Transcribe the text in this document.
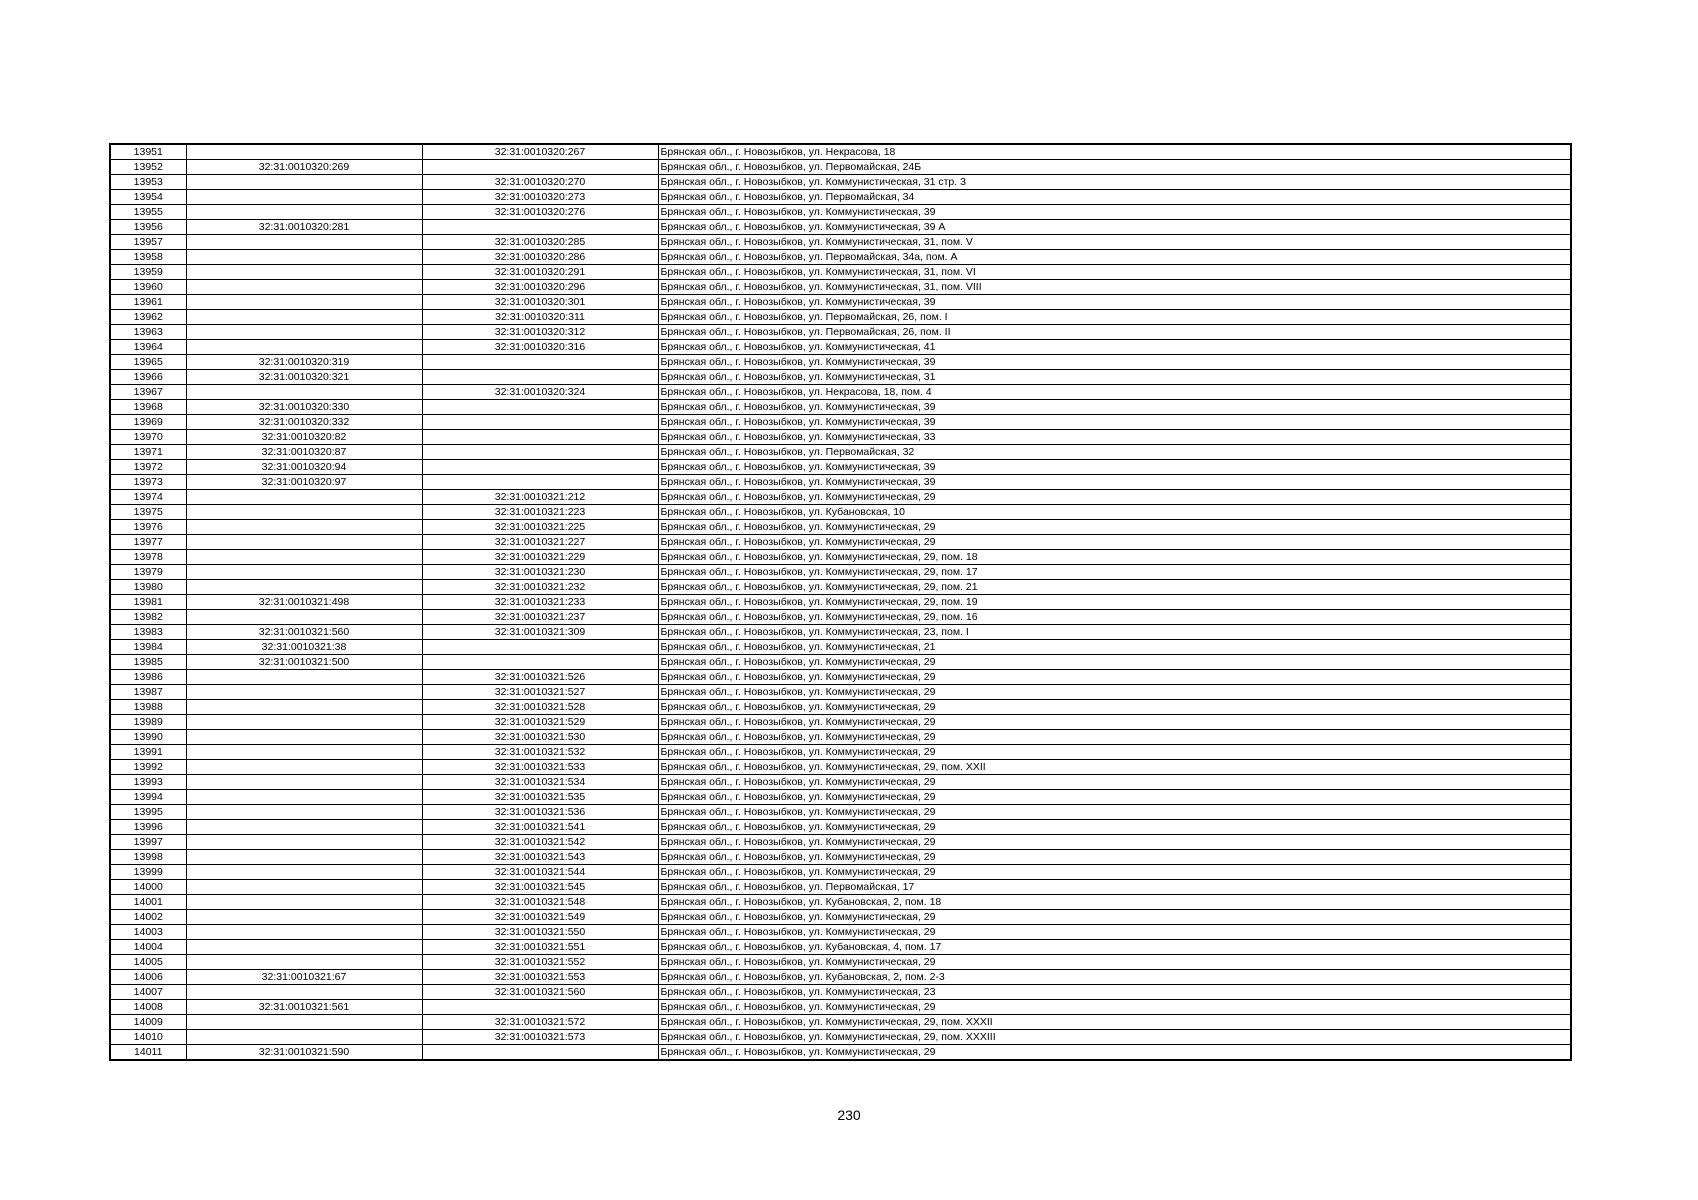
13951		32:31:0010320:267	Брянская обл., г. Новозыбков, ул. Некрасова, 18
13952	32:31:0010320:269		Брянская обл., г. Новозыбков, ул. Первомайская, 24Б
13953		32:31:0010320:270	Брянская обл., г. Новозыбков, ул. Коммунистическая, 31 стр. 3
13954		32:31:0010320:273	Брянская обл., г. Новозыбков, ул. Первомайская, 34
13955		32:31:0010320:276	Брянская обл., г. Новозыбков, ул. Коммунистическая, 39
13956	32:31:0010320:281		Брянская обл., г. Новозыбков, ул. Коммунистическая, 39 А
13957		32:31:0010320:285	Брянская обл., г. Новозыбков, ул. Коммунистическая, 31, пом. V
13958		32:31:0010320:286	Брянская обл., г. Новозыбков, ул. Первомайская, 34а, пом. А
13959		32:31:0010320:291	Брянская обл., г. Новозыбков, ул. Коммунистическая, 31, пом. VI
13960		32:31:0010320:296	Брянская обл., г. Новозыбков, ул. Коммунистическая, 31, пом. VIII
13961		32:31:0010320:301	Брянская обл., г. Новозыбков, ул. Коммунистическая, 39
13962		32:31:0010320:311	Брянская обл., г. Новозыбков, ул. Первомайская, 26, пом. I
13963		32:31:0010320:312	Брянская обл., г. Новозыбков, ул. Первомайская, 26, пом. II
13964		32:31:0010320:316	Брянская обл., г. Новозыбков, ул. Коммунистическая, 41
13965	32:31:0010320:319		Брянская обл., г. Новозыбков, ул. Коммунистическая, 39
13966	32:31:0010320:321		Брянская обл., г. Новозыбков, ул. Коммунистическая, 31
13967		32:31:0010320:324	Брянская обл., г. Новозыбков, ул. Некрасова, 18, пом. 4
13968	32:31:0010320:330		Брянская обл., г. Новозыбков, ул. Коммунистическая, 39
13969	32:31:0010320:332		Брянская обл., г. Новозыбков, ул. Коммунистическая, 39
13970	32:31:0010320:82		Брянская обл., г. Новозыбков, ул. Коммунистическая, 33
13971	32:31:0010320:87		Брянская обл., г. Новозыбков, ул. Первомайская, 32
13972	32:31:0010320:94		Брянская обл., г. Новозыбков, ул. Коммунистическая, 39
13973	32:31:0010320:97		Брянская обл., г. Новозыбков, ул. Коммунистическая, 39
13974		32:31:0010321:212	Брянская обл., г. Новозыбков, ул. Коммунистическая, 29
13975		32:31:0010321:223	Брянская обл., г. Новозыбков, ул. Кубановская, 10
13976		32:31:0010321:225	Брянская обл., г. Новозыбков, ул. Коммунистическая, 29
13977		32:31:0010321:227	Брянская обл., г. Новозыбков, ул. Коммунистическая, 29
13978		32:31:0010321:229	Брянская обл., г. Новозыбков, ул. Коммунистическая, 29, пом. 18
13979		32:31:0010321:230	Брянская обл., г. Новозыбков, ул. Коммунистическая, 29, пом. 17
13980		32:31:0010321:232	Брянская обл., г. Новозыбков, ул. Коммунистическая, 29, пом. 21
13981	32:31:0010321:498	32:31:0010321:233	Брянская обл., г. Новозыбков, ул. Коммунистическая, 29, пом. 19
13982		32:31:0010321:237	Брянская обл., г. Новозыбков, ул. Коммунистическая, 29, пом. 16
13983	32:31:0010321:560	32:31:0010321:309	Брянская обл., г. Новозыбков, ул. Коммунистическая, 23, пом. I
13984	32:31:0010321:38		Брянская обл., г. Новозыбков, ул. Коммунистическая, 21
13985	32:31:0010321:500		Брянская обл., г. Новозыбков, ул. Коммунистическая, 29
13986		32:31:0010321:526	Брянская обл., г. Новозыбков, ул. Коммунистическая, 29
13987		32:31:0010321:527	Брянская обл., г. Новозыбков, ул. Коммунистическая, 29
13988		32:31:0010321:528	Брянская обл., г. Новозыбков, ул. Коммунистическая, 29
13989		32:31:0010321:529	Брянская обл., г. Новозыбков, ул. Коммунистическая, 29
13990		32:31:0010321:530	Брянская обл., г. Новозыбков, ул. Коммунистическая, 29
13991		32:31:0010321:532	Брянская обл., г. Новозыбков, ул. Коммунистическая, 29
13992		32:31:0010321:533	Брянская обл., г. Новозыбков, ул. Коммунистическая, 29, пом. XXII
13993		32:31:0010321:534	Брянская обл., г. Новозыбков, ул. Коммунистическая, 29
13994		32:31:0010321:535	Брянская обл., г. Новозыбков, ул. Коммунистическая, 29
13995		32:31:0010321:536	Брянская обл., г. Новозыбков, ул. Коммунистическая, 29
13996		32:31:0010321:541	Брянская обл., г. Новозыбков, ул. Коммунистическая, 29
13997		32:31:0010321:542	Брянская обл., г. Новозыбков, ул. Коммунистическая, 29
13998		32:31:0010321:543	Брянская обл., г. Новозыбков, ул. Коммунистическая, 29
13999		32:31:0010321:544	Брянская обл., г. Новозыбков, ул. Коммунистическая, 29
14000		32:31:0010321:545	Брянская обл., г. Новозыбков, ул. Первомайская, 17
14001		32:31:0010321:548	Брянская обл., г. Новозыбков, ул. Кубановская, 2, пом. 18
14002		32:31:0010321:549	Брянская обл., г. Новозыбков, ул. Коммунистическая, 29
14003		32:31:0010321:550	Брянская обл., г. Новозыбков, ул. Коммунистическая, 29
14004		32:31:0010321:551	Брянская обл., г. Новозыбков, ул. Кубановская, 4, пом. 17
14005		32:31:0010321:552	Брянская обл., г. Новозыбков, ул. Коммунистическая, 29
14006	32:31:0010321:67	32:31:0010321:553	Брянская обл., г. Новозыбков, ул. Кубановская, 2, пом. 2-3
14007		32:31:0010321:560	Брянская обл., г. Новозыбков, ул. Коммунистическая, 23
14008	32:31:0010321:561		Брянская обл., г. Новозыбков, ул. Коммунистическая, 29
14009		32:31:0010321:572	Брянская обл., г. Новозыбков, ул. Коммунистическая, 29, пом. XXXII
14010		32:31:0010321:573	Брянская обл., г. Новозыбков, ул. Коммунистическая, 29, пом. XXXIII
14011	32:31:0010321:590		Брянская обл., г. Новозыбков, ул. Коммунистическая, 29
230
